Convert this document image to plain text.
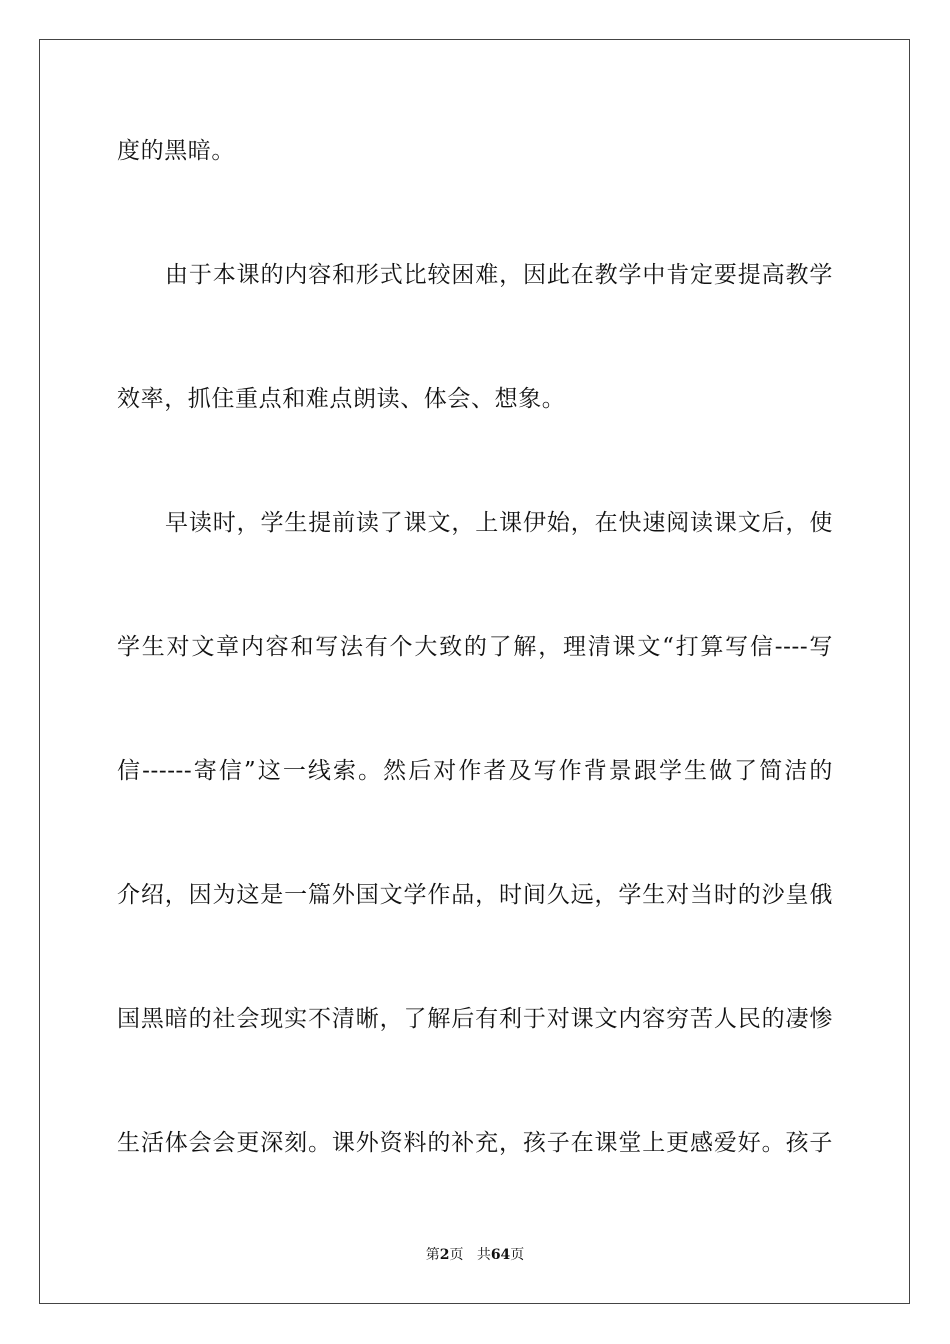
度的黑暗。
由于本课的内容和形式比较困难，因此在教学中肯定要提高教学
效率，抓住重点和难点朗读、体会、想象。
早读时，学生提前读了课文，上课伊始，在快速阅读课文后，使
学生对文章内容和写法有个大致的了解，理清课文“打算写信----写
信------寄信”这一线索。然后对作者及写作背景跟学生做了简洁的
介绍，因为这是一篇外国文学作品，时间久远，学生对当时的沙皇俄
国黑暗的社会现实不清晰，了解后有利于对课文内容穷苦人民的凄惨
生活体会会更深刻。课外资料的补充，孩子在课堂上更感爱好。孩子
第2页 共64页
